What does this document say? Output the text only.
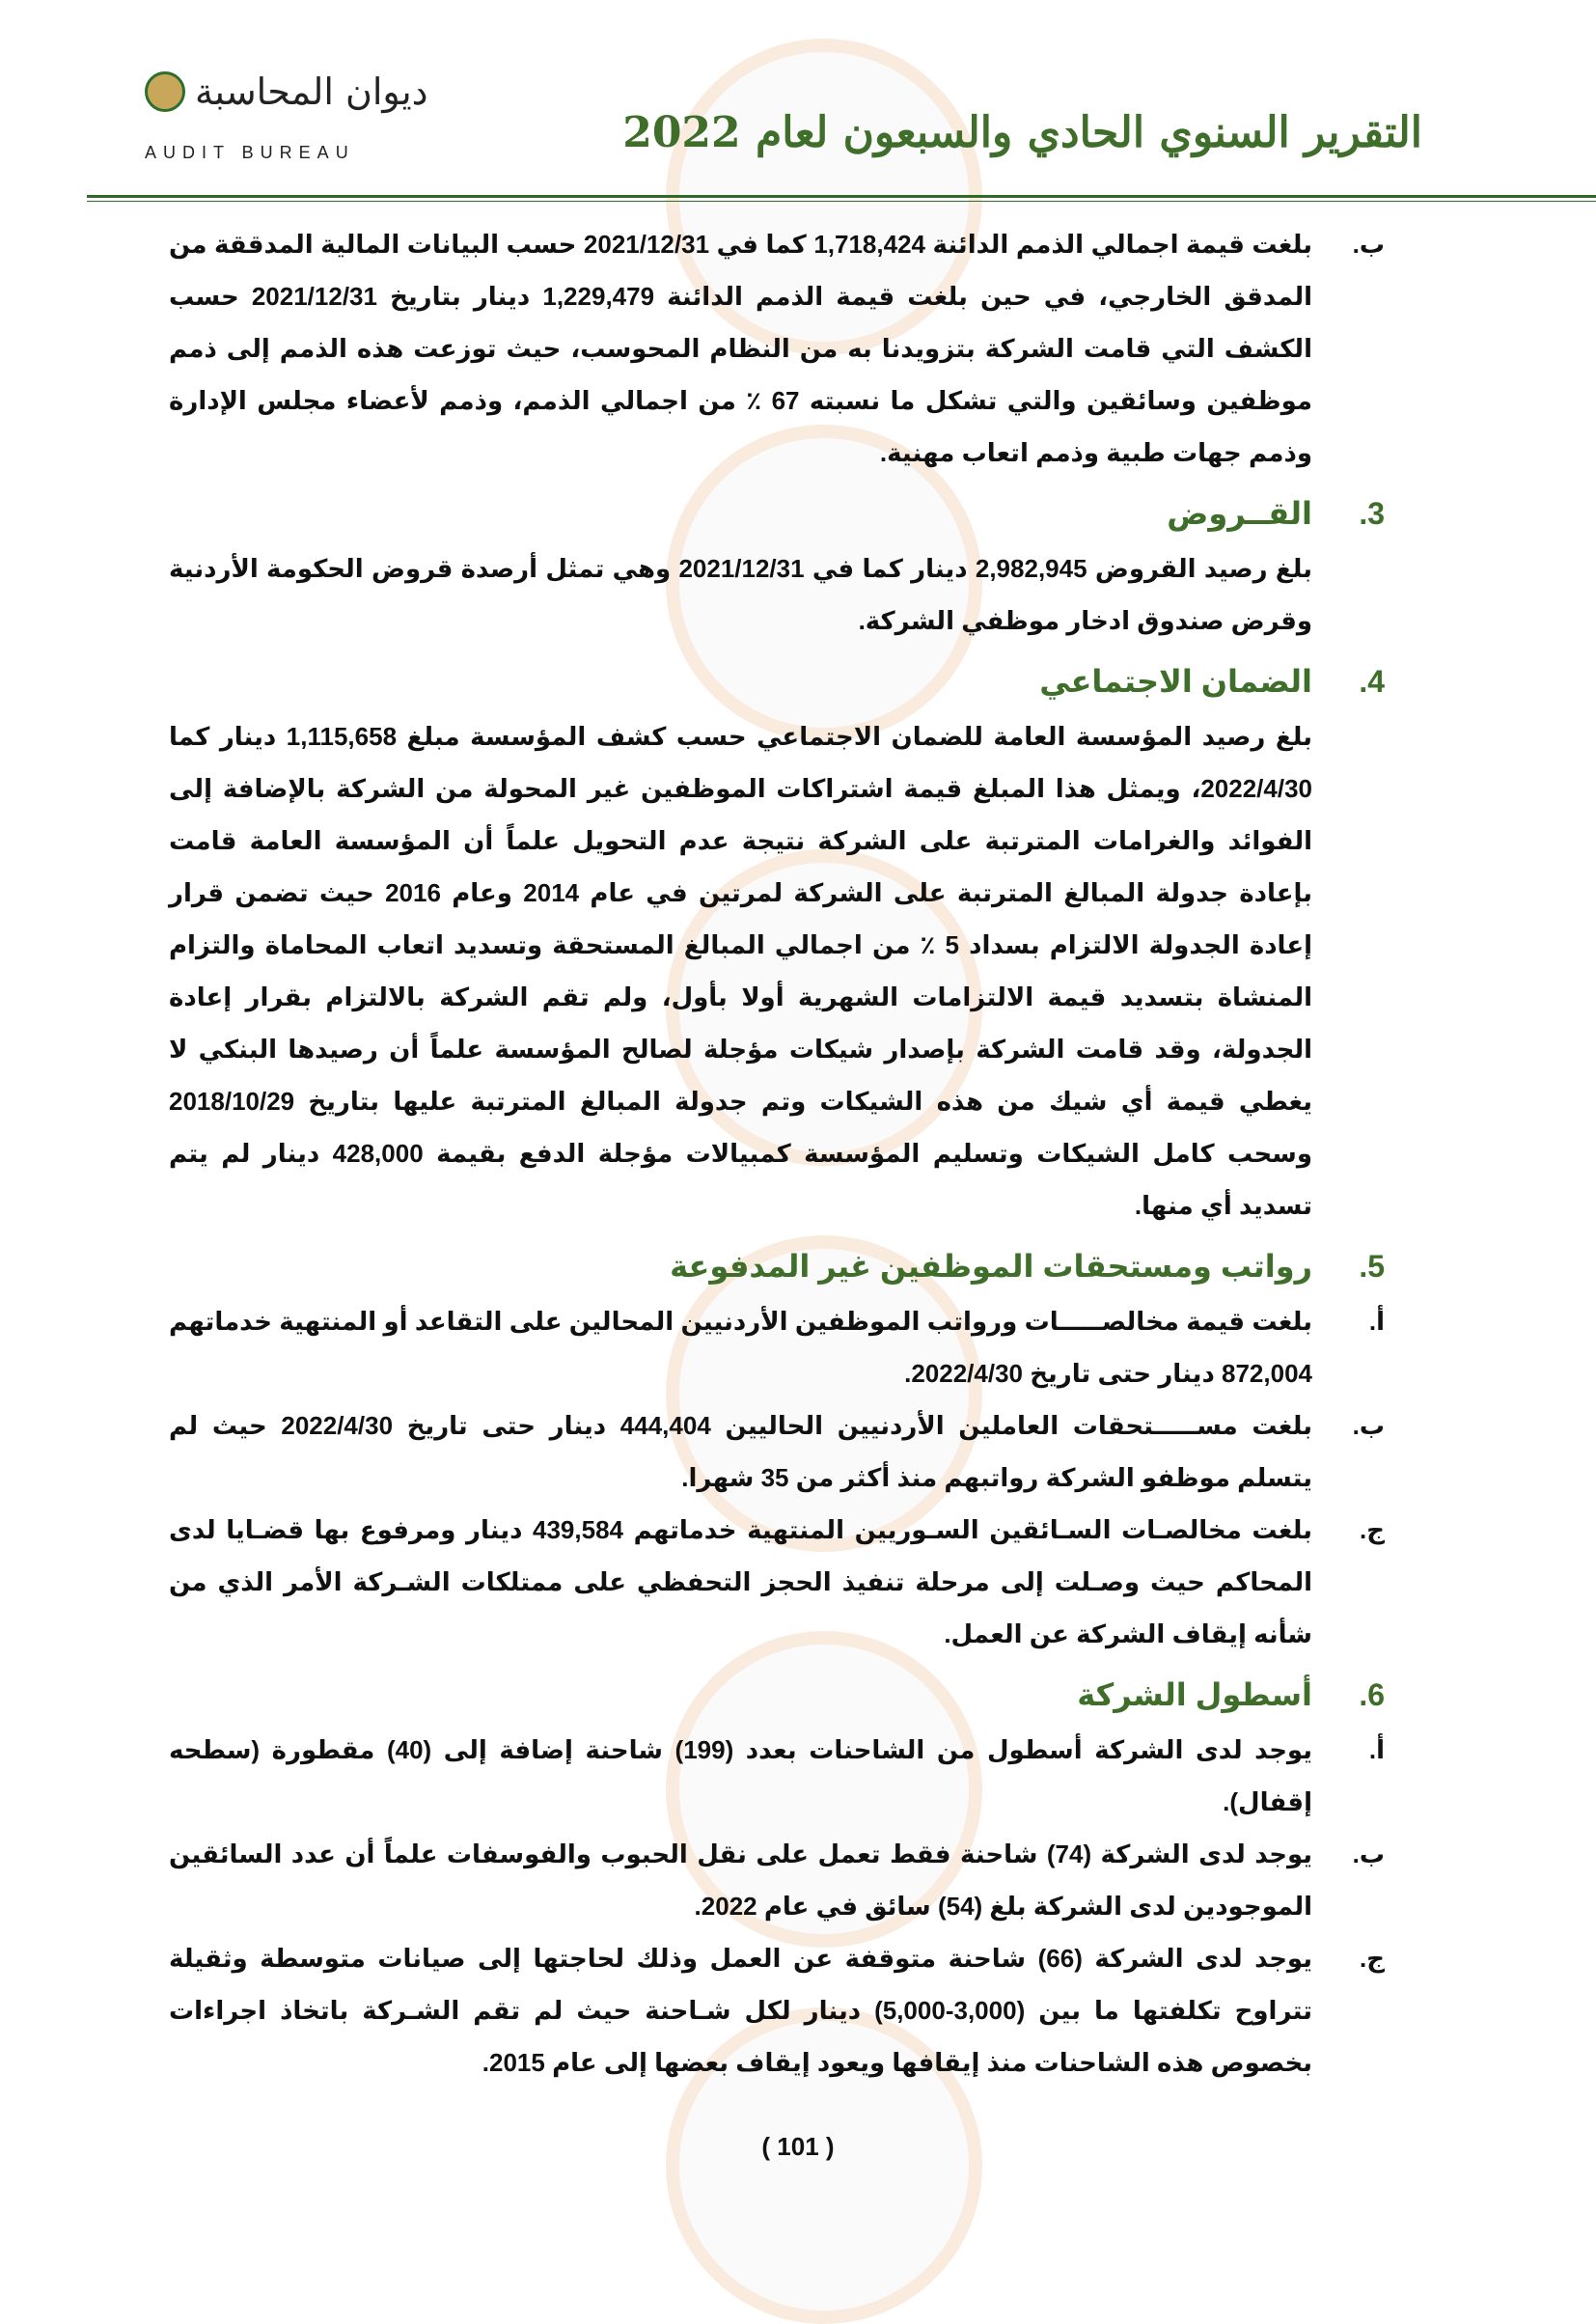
ديوان المحاسبة
AUDIT BUREAU	التقرير السنوي الحادي والسبعون لعام 2022
ب.
بلغت قيمة اجمالي الذمم الدائنة 1,718,424 كما في 2021/12/31 حسب البيانات المالية المدققة من المدقق الخارجي، في حين بلغت قيمة الذمم الدائنة 1,229,479 دينار بتاريخ 2021/12/31 حسب الكشف التي قامت الشركة بتزويدنا به من النظام المحوسب، حيث توزعت هذه الذمم إلى ذمم موظفين وسائقين والتي تشكل ما نسبته 67 ٪ من اجمالي الذمم، وذمم لأعضاء مجلس الإدارة وذمم جهات طبية وذمم اتعاب مهنية.
3.
القــروض
بلغ رصيد القروض 2,982,945 دينار كما في 2021/12/31 وهي تمثل أرصدة قروض الحكومة الأردنية وقرض صندوق ادخار موظفي الشركة.
4.
الضمان الاجتماعي
بلغ رصيد المؤسسة العامة للضمان الاجتماعي حسب كشف المؤسسة مبلغ 1,115,658 دينار كما 2022/4/30، ويمثل هذا المبلغ قيمة اشتراكات الموظفين غير المحولة من الشركة بالإضافة إلى الفوائد والغرامات المترتبة على الشركة نتيجة عدم التحويل علماً أن المؤسسة العامة قامت بإعادة جدولة المبالغ المترتبة على الشركة لمرتين في عام 2014 وعام 2016 حيث تضمن قرار إعادة الجدولة الالتزام بسداد 5 ٪ من اجمالي المبالغ المستحقة وتسديد اتعاب المحاماة والتزام المنشاة بتسديد قيمة الالتزامات الشهرية أولا بأول، ولم تقم الشركة بالالتزام بقرار إعادة الجدولة، وقد قامت الشركة بإصدار شيكات مؤجلة لصالح المؤسسة علماً أن رصيدها البنكي لا يغطي قيمة أي شيك من هذه الشيكات وتم جدولة المبالغ المترتبة عليها بتاريخ 2018/10/29 وسحب كامل الشيكات وتسليم المؤسسة كمبيالات مؤجلة الدفع بقيمة 428,000 دينار لم يتم تسديد أي منها.
5.
رواتب ومستحقات الموظفين غير المدفوعة
أ.
بلغت قيمة مخالصـــــات ورواتب الموظفين الأردنيين المحالين على التقاعد أو المنتهية خدماتهم 872,004 دينار حتى تاريخ 2022/4/30.
ب.
بلغت مســـــتحقات العاملين الأردنيين الحاليين 444,404 دينار حتى تاريخ 2022/4/30 حيث لم يتسلم موظفو الشركة رواتبهم منذ أكثر من 35 شهرا.
ج.
بلغت مخالصـات السـائقين السـوريين المنتهية خدماتهم 439,584 دينار ومرفوع بها قضـايا لدى المحاكم حيث وصـلت إلى مرحلة تنفيذ الحجز التحفظي على ممتلكات الشـركة الأمر الذي من شأنه إيقاف الشركة عن العمل.
6.
أسطول الشركة
أ.
يوجد لدى الشركة أسطول من الشاحنات بعدد (199) شاحنة إضافة إلى (40) مقطورة (سطحه إقفال).
ب.
يوجد لدى الشركة (74) شاحنة فقط تعمل على نقل الحبوب والفوسفات علماً أن عدد السائقين الموجودين لدى الشركة بلغ (54) سائق في عام 2022.
ج.
يوجد لدى الشركة (66) شاحنة متوقفة عن العمل وذلك لحاجتها إلى صيانات متوسطة وثقيلة تتراوح تكلفتها ما بين (3,000-5,000) دينار لكل شـاحنة حيث لم تقم الشـركة باتخاذ اجراءات بخصوص هذه الشاحنات منذ إيقافها ويعود إيقاف بعضها إلى عام 2015.
( 101 )
